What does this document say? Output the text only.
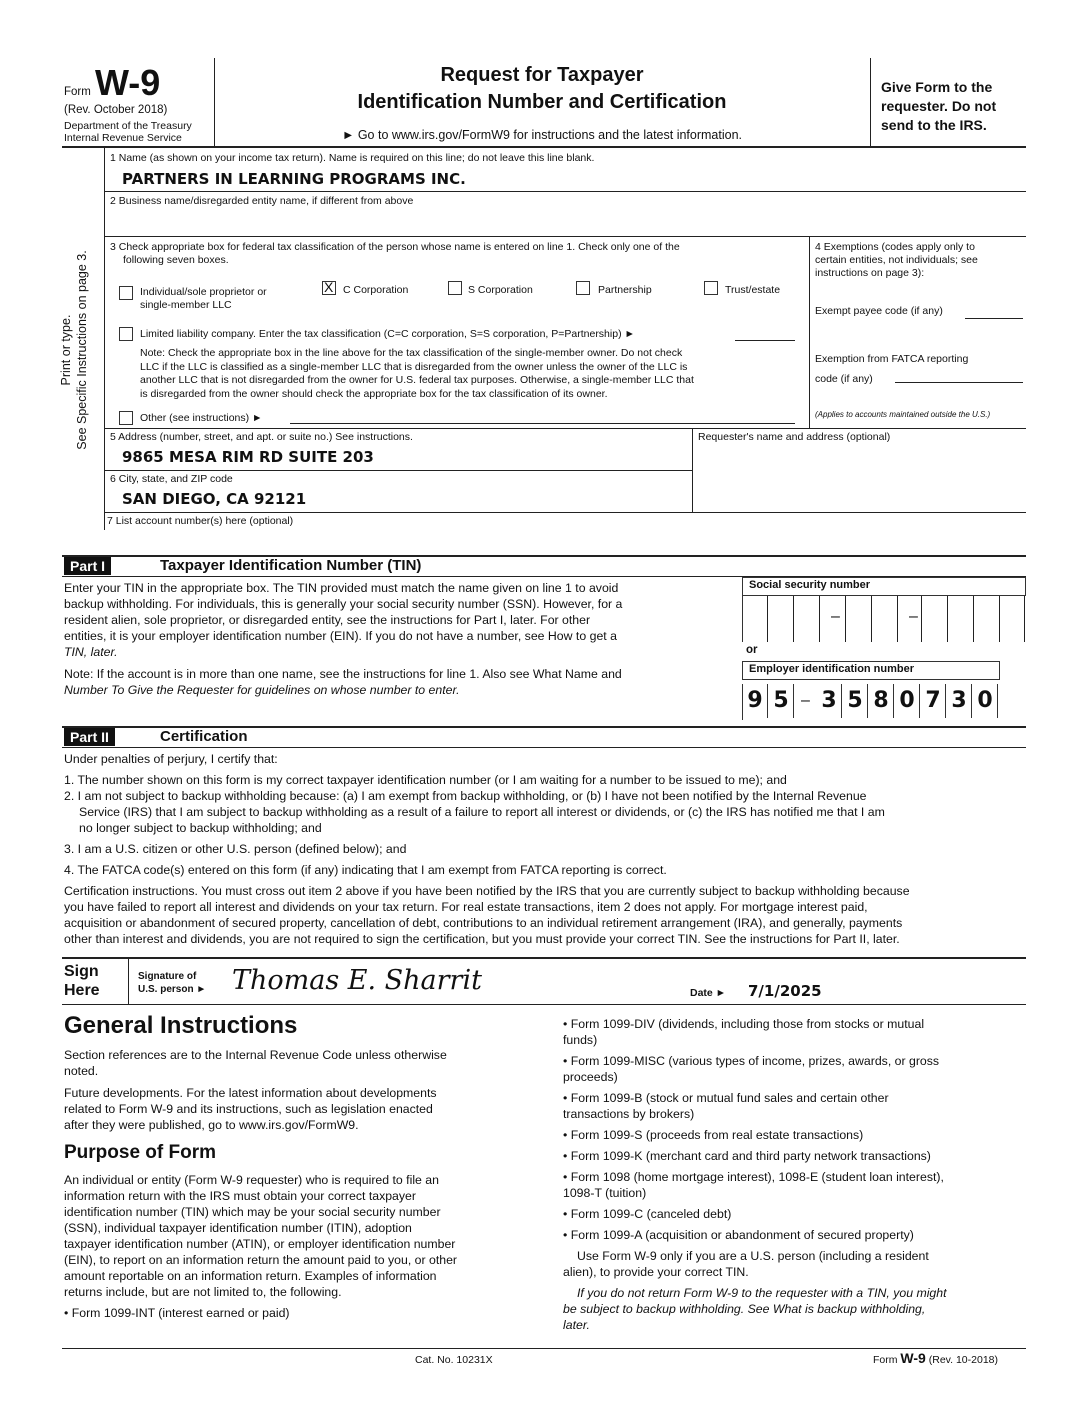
Form W-9
(Rev. October 2018)
Department of the Treasury
Internal Revenue Service
Request for Taxpayer
Identification Number and Certification
► Go to www.irs.gov/FormW9 for instructions and the latest information.
Give Form to the
requester. Do not
send to the IRS.
Print or type. See Specific Instructions on page 3.
1 Name (as shown on your income tax return). Name is required on this line; do not leave this line blank.
PARTNERS IN LEARNING PROGRAMS INC.
2 Business name/disregarded entity name, if different from above
3 Check appropriate box for federal tax classification of the person whose name is entered on line 1. Check only one of the
following seven boxes.
Individual/sole proprietor or
single-member LLC
X C Corporation	S Corporation	Partnership	Trust/estate
Limited liability company. Enter the tax classification (C=C corporation, S=S corporation, P=Partnership) ►
Note: Check the appropriate box in the line above for the tax classification of the single-member owner. Do not check
LLC if the LLC is classified as a single-member LLC that is disregarded from the owner unless the owner of the LLC is
another LLC that is not disregarded from the owner for U.S. federal tax purposes. Otherwise, a single-member LLC that
is disregarded from the owner should check the appropriate box for the tax classification of its owner.
Other (see instructions) ►
4 Exemptions (codes apply only to
certain entities, not individuals; see
instructions on page 3):
Exempt payee code (if any)
Exemption from FATCA reporting
code (if any)
(Applies to accounts maintained outside the U.S.)
5 Address (number, street, and apt. or suite no.) See instructions.
9865 MESA RIM RD SUITE 203
Requester's name and address (optional)
6 City, state, and ZIP code
SAN DIEGO, CA 92121
7 List account number(s) here (optional)
Part I	Taxpayer Identification Number (TIN)
Enter your TIN in the appropriate box. The TIN provided must match the name given on line 1 to avoid
backup withholding. For individuals, this is generally your social security number (SSN). However, for a
resident alien, sole proprietor, or disregarded entity, see the instructions for Part I, later. For other
entities, it is your employer identification number (EIN). If you do not have a number, see How to get a
TIN, later.
Note: If the account is in more than one name, see the instructions for line 1. Also see What Name and
Number To Give the Requester for guidelines on whose number to enter.
Social security number
–	–
or
Employer identification number
9 5 – 3 5 8 0 7 3 0
Part II	Certification
Under penalties of perjury, I certify that:
1. The number shown on this form is my correct taxpayer identification number (or I am waiting for a number to be issued to me); and
2. I am not subject to backup withholding because: (a) I am exempt from backup withholding, or (b) I have not been notified by the Internal Revenue
Service (IRS) that I am subject to backup withholding as a result of a failure to report all interest or dividends, or (c) the IRS has notified me that I am
no longer subject to backup withholding; and
3. I am a U.S. citizen or other U.S. person (defined below); and
4. The FATCA code(s) entered on this form (if any) indicating that I am exempt from FATCA reporting is correct.
Certification instructions. You must cross out item 2 above if you have been notified by the IRS that you are currently subject to backup withholding because
you have failed to report all interest and dividends on your tax return. For real estate transactions, item 2 does not apply. For mortgage interest paid,
acquisition or abandonment of secured property, cancellation of debt, contributions to an individual retirement arrangement (IRA), and generally, payments
other than interest and dividends, you are not required to sign the certification, but you must provide your correct TIN. See the instructions for Part II, later.
Sign
Here
Signature of
U.S. person ► Thomas E. Sharrit	Date ► 7/1/2025
General Instructions
Section references are to the Internal Revenue Code unless otherwise
noted.
Future developments. For the latest information about developments
related to Form W-9 and its instructions, such as legislation enacted
after they were published, go to www.irs.gov/FormW9.
Purpose of Form
An individual or entity (Form W-9 requester) who is required to file an
information return with the IRS must obtain your correct taxpayer
identification number (TIN) which may be your social security number
(SSN), individual taxpayer identification number (ITIN), adoption
taxpayer identification number (ATIN), or employer identification number
(EIN), to report on an information return the amount paid to you, or other
amount reportable on an information return. Examples of information
returns include, but are not limited to, the following.
• Form 1099-INT (interest earned or paid)
• Form 1099-DIV (dividends, including those from stocks or mutual
funds)
• Form 1099-MISC (various types of income, prizes, awards, or gross
proceeds)
• Form 1099-B (stock or mutual fund sales and certain other
transactions by brokers)
• Form 1099-S (proceeds from real estate transactions)
• Form 1099-K (merchant card and third party network transactions)
• Form 1098 (home mortgage interest), 1098-E (student loan interest),
1098-T (tuition)
• Form 1099-C (canceled debt)
• Form 1099-A (acquisition or abandonment of secured property)
Use Form W-9 only if you are a U.S. person (including a resident
alien), to provide your correct TIN.
If you do not return Form W-9 to the requester with a TIN, you might
be subject to backup withholding. See What is backup withholding,
later.
Cat. No. 10231X	Form W-9 (Rev. 10-2018)
